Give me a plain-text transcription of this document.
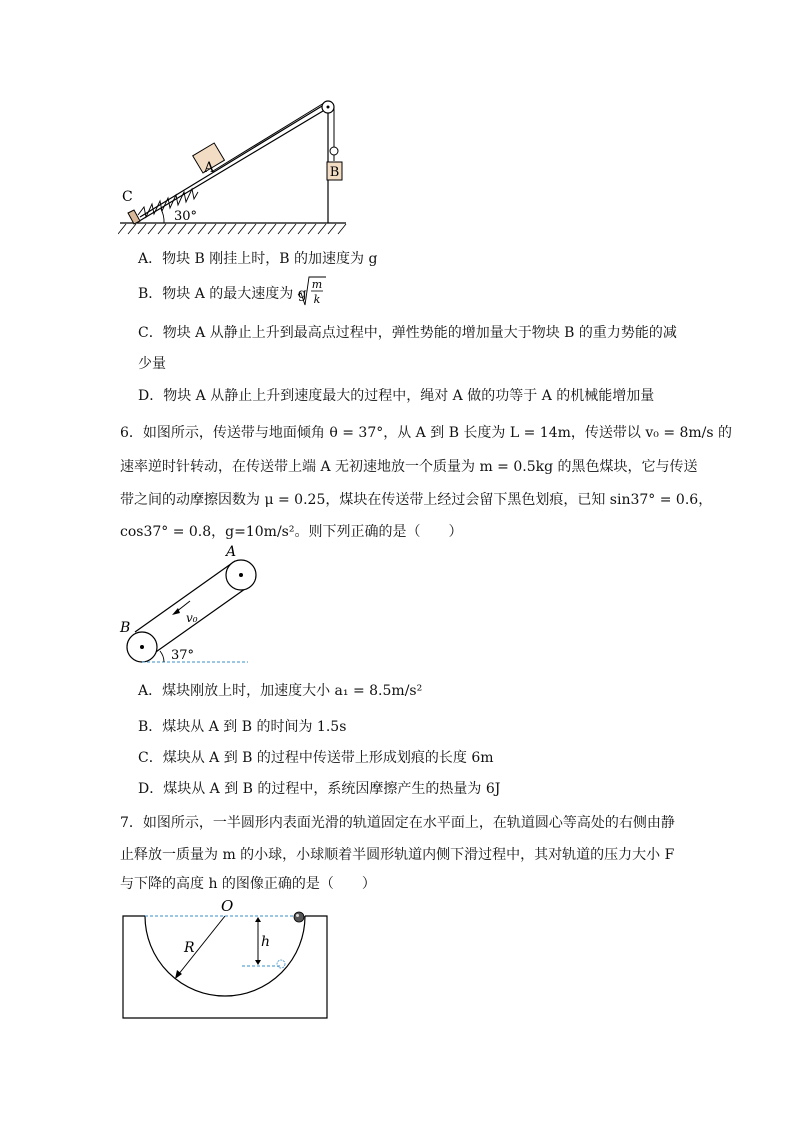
B
C
A
30°
A．物块 B 刚挂上时，B 的加速度为 g
B．物块 A 的最大速度为 g
m
k
C．物块 A 从静止上升到最高点过程中，弹性势能的增加量大于物块 B 的重力势能的减
少量
D．物块 A 从静止上升到速度最大的过程中，绳对 A 做的功等于 A 的机械能增加量
6．如图所示，传送带与地面倾角 θ = 37°，从 A 到 B 长度为 L = 14m，传送带以 v₀ = 8m/s 的
速率逆时针转动，在传送带上端 A 无初速地放一个质量为 m = 0.5kg 的黑色煤块，它与传送
带之间的动摩擦因数为 μ = 0.25，煤块在传送带上经过会留下黑色划痕，已知 sin37° = 0.6，
cos37° = 0.8，g=10m/s²。则下列正确的是（　　）
A
B
v₀
37°
A．煤块刚放上时，加速度大小 a₁ = 8.5m/s²
B．煤块从 A 到 B 的时间为 1.5s
C．煤块从 A 到 B 的过程中传送带上形成划痕的长度 6m
D．煤块从 A 到 B 的过程中，系统因摩擦产生的热量为 6J
7．如图所示，一半圆形内表面光滑的轨道固定在水平面上，在轨道圆心等高处的右侧由静
止释放一质量为 m 的小球，小球顺着半圆形轨道内侧下滑过程中，其对轨道的压力大小 F
与下降的高度 h 的图像正确的是（　　）
O
R	h
